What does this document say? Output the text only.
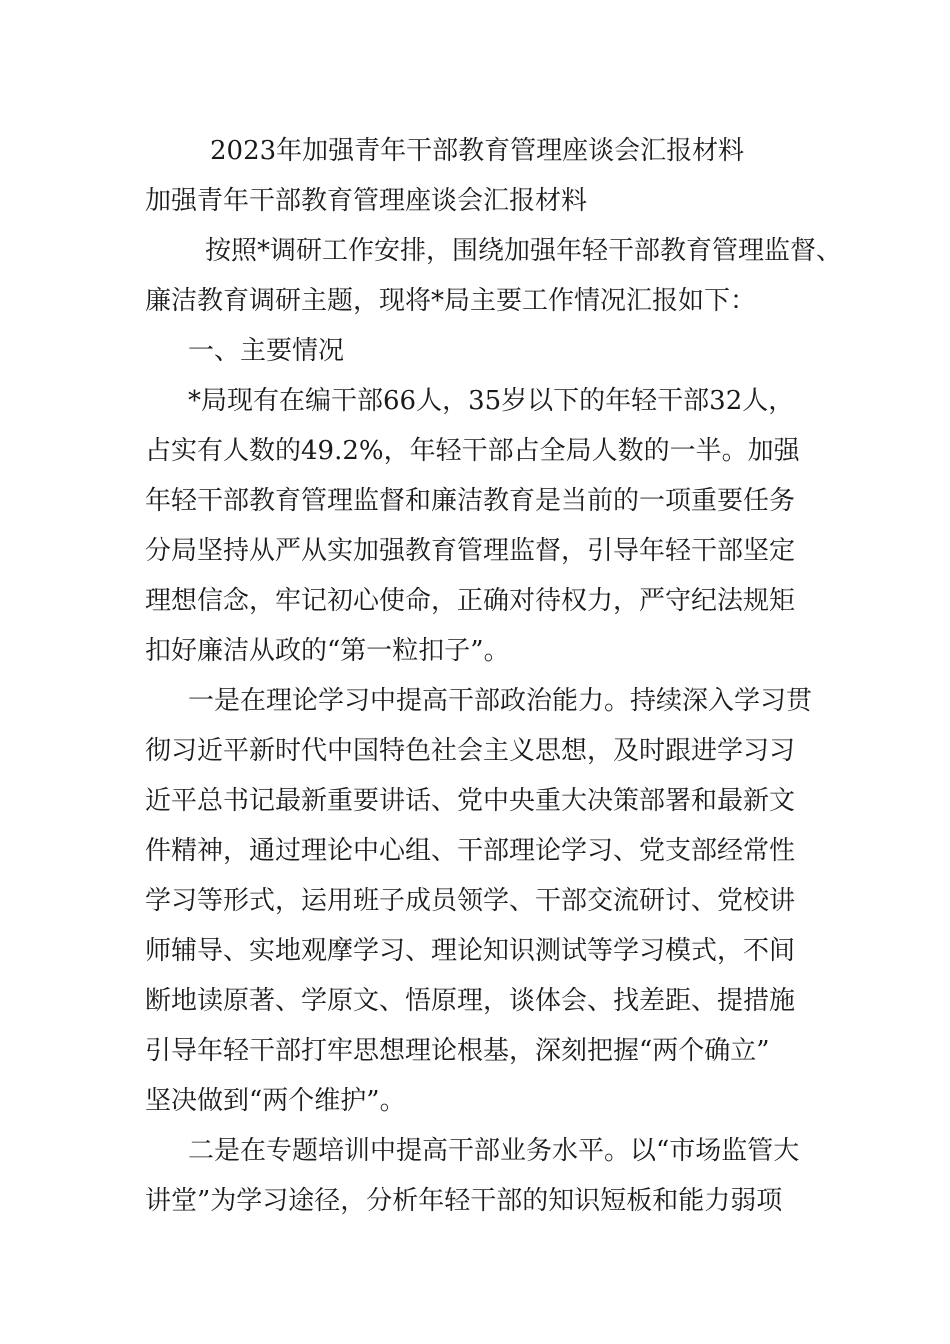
2023年加强青年干部教育管理座谈会汇报材料
加强青年干部教育管理座谈会汇报材料
按照*调研工作安排，围绕加强年轻干部教育管理监督、
廉洁教育调研主题，现将*局主要工作情况汇报如下：
一、主要情况
*局现有在编干部66人，35岁以下的年轻干部32人，
占实有人数的49.2%，年轻干部占全局人数的一半。加强
年轻干部教育管理监督和廉洁教育是当前的一项重要任务
分局坚持从严从实加强教育管理监督，引导年轻干部坚定
理想信念，牢记初心使命，正确对待权力，严守纪法规矩
扣好廉洁从政的“第一粒扣子”。
一是在理论学习中提高干部政治能力。持续深入学习贯
彻习近平新时代中国特色社会主义思想，及时跟进学习习
近平总书记最新重要讲话、党中央重大决策部署和最新文
件精神，通过理论中心组、干部理论学习、党支部经常性
学习等形式，运用班子成员领学、干部交流研讨、党校讲
师辅导、实地观摩学习、理论知识测试等学习模式，不间
断地读原著、学原文、悟原理，谈体会、找差距、提措施
引导年轻干部打牢思想理论根基，深刻把握“两个确立”
坚决做到“两个维护”。
二是在专题培训中提高干部业务水平。以“市场监管大
讲堂”为学习途径，分析年轻干部的知识短板和能力弱项
